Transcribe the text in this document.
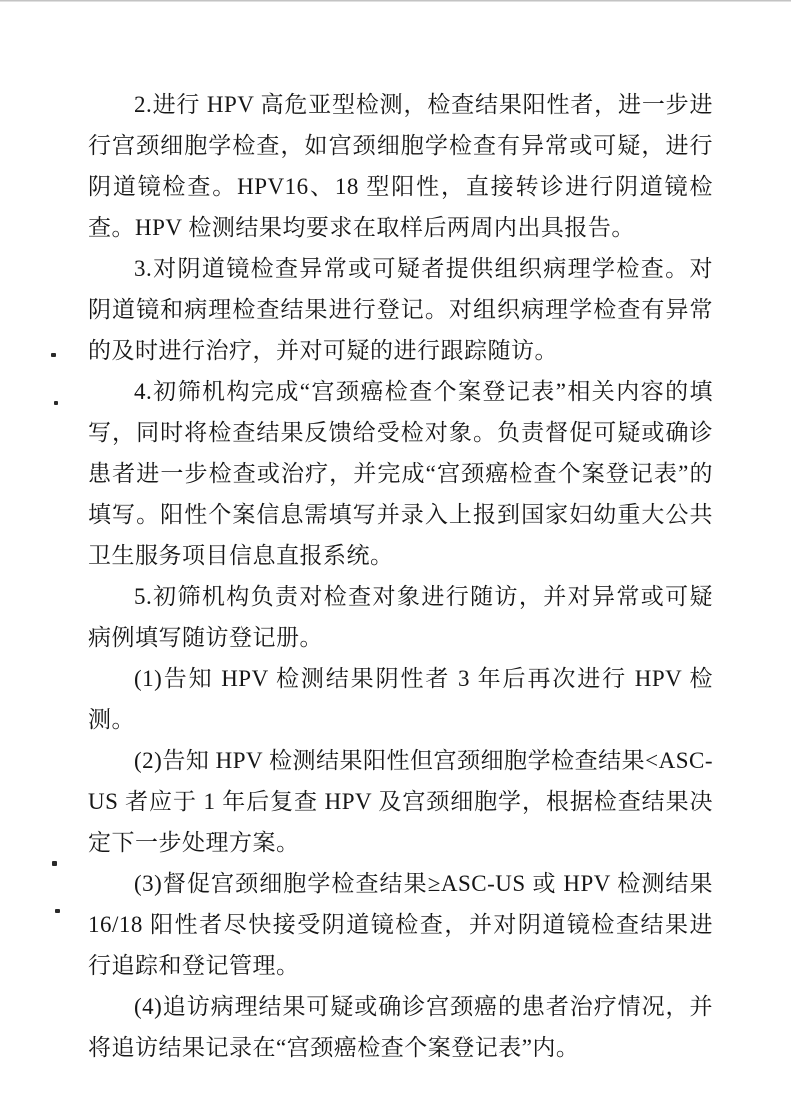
2.进行 HPV 高危亚型检测，检查结果阳性者，进一步进行宫颈细胞学检查，如宫颈细胞学检查有异常或可疑，进行阴道镜检查。HPV16、18 型阳性，直接转诊进行阴道镜检查。HPV 检测结果均要求在取样后两周内出具报告。

3.对阴道镜检查异常或可疑者提供组织病理学检查。对阴道镜和病理检查结果进行登记。对组织病理学检查有异常的及时进行治疗，并对可疑的进行跟踪随访。

4.初筛机构完成“宫颈癌检查个案登记表”相关内容的填写，同时将检查结果反馈给受检对象。负责督促可疑或确诊患者进一步检查或治疗，并完成“宫颈癌检查个案登记表”的填写。阳性个案信息需填写并录入上报到国家妇幼重大公共卫生服务项目信息直报系统。

5.初筛机构负责对检查对象进行随访，并对异常或可疑病例填写随访登记册。

(1)告知 HPV 检测结果阴性者 3 年后再次进行 HPV 检测。

(2)告知 HPV 检测结果阳性但宫颈细胞学检查结果<ASC-US 者应于 1 年后复查 HPV 及宫颈细胞学，根据检查结果决定下一步处理方案。

(3)督促宫颈细胞学检查结果≥ASC-US 或 HPV 检测结果 16/18 阳性者尽快接受阴道镜检查，并对阴道镜检查结果进行追踪和登记管理。

(4)追访病理结果可疑或确诊宫颈癌的患者治疗情况，并将追访结果记录在“宫颈癌检查个案登记表”内。
